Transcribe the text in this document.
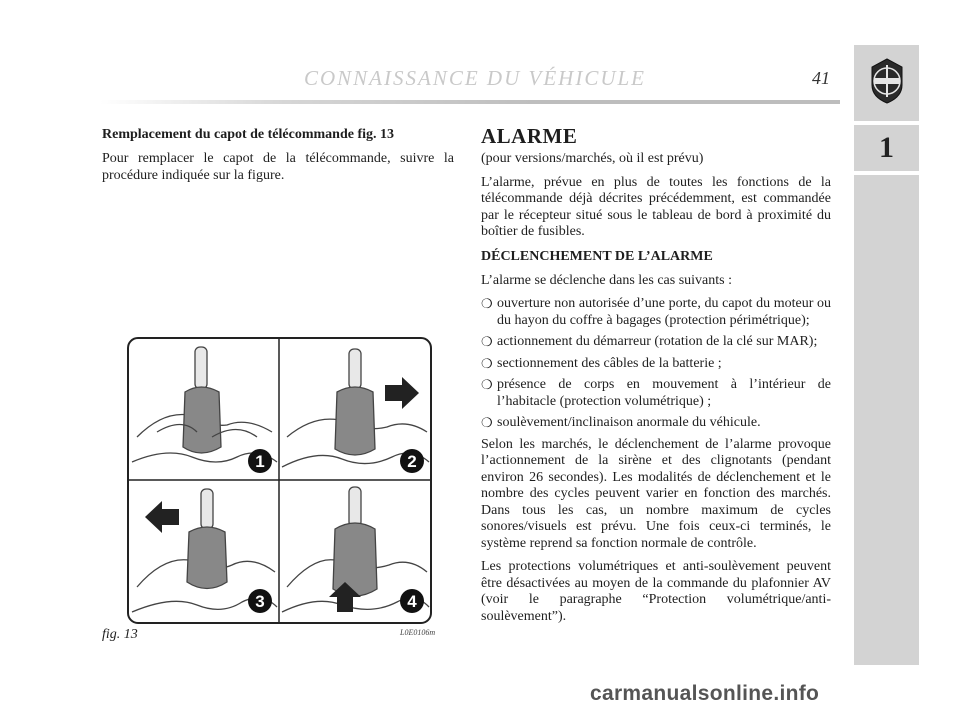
CONNAISSANCE DU VÉHICULE	41
1
Remplacement du capot de télécommande fig. 13

Pour remplacer le capot de la télécommande, suivre la procédure indiquée sur la figure.

1	2
3	4
fig. 13	L0E0106m
ALARME

(pour versions/marchés, où il est prévu)

L’alarme, prévue en plus de toutes les fonctions de la télécommande déjà décrites précédemment, est commandée par le récepteur situé sous le tableau de bord à proximité du boîtier de fusibles.

DÉCLENCHEMENT DE L’ALARME

L’alarme se déclenche dans les cas suivants :

❍ ouverture non autorisée d’une porte, du capot du moteur ou du hayon du coffre à bagages (protection périmétrique);
❍ actionnement du démarreur (rotation de la clé sur MAR);
❍ sectionnement des câbles de la batterie ;
❍ présence de corps en mouvement à l’intérieur de l’habitacle (protection volumétrique) ;
❍ soulèvement/inclinaison anormale du véhicule.

Selon les marchés, le déclenchement de l’alarme provoque l’actionnement de la sirène et des clignotants (pendant environ 26 secondes). Les modalités de déclenchement et le nombre des cycles peuvent varier en fonction des marchés. Dans tous les cas, un nombre maximum de cycles sonores/visuels est prévu. Une fois ceux-ci terminés, le système reprend sa fonction normale de contrôle.

Les protections volumétriques et anti-soulèvement peuvent être désactivées au moyen de la commande du plafonnier AV (voir le paragraphe “Protection volumétrique/anti-soulèvement”).

carmanualsonline.info
